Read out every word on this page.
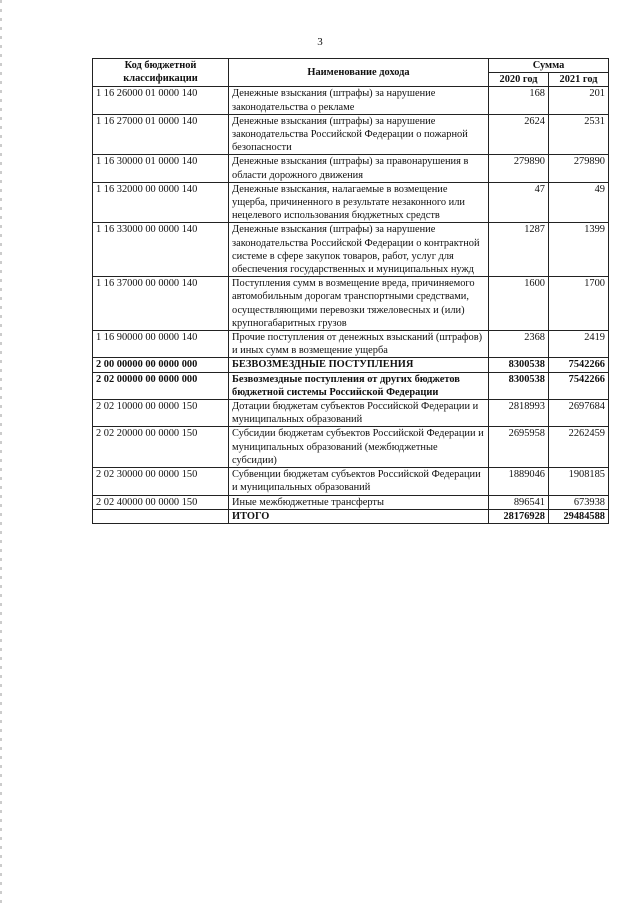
3
Код бюджетной классификации	Наименование дохода	Сумма	
		2020 год	2021 год
1 16 26000 01 0000 140	Денежные взыскания (штрафы) за нарушение законодательства о рекламе	168	201
1 16 27000 01 0000 140	Денежные взыскания (штрафы) за нарушение законодательства Российской Федерации о пожарной безопасности	2624	2531
1 16 30000 01 0000 140	Денежные взыскания (штрафы) за правонарушения в области дорожного движения	279890	279890
1 16 32000 00 0000 140	Денежные взыскания, налагаемые в возмещение ущерба, причиненного в результате незаконного или нецелевого использования бюджетных средств	47	49
1 16 33000 00 0000 140	Денежные взыскания (штрафы) за нарушение законодательства Российской Федерации о контрактной системе в сфере закупок товаров, работ, услуг для обеспечения государственных и муниципальных нужд	1287	1399
1 16 37000 00 0000 140	Поступления сумм в возмещение вреда, причиняемого автомобильным дорогам транспортными средствами, осуществляющими перевозки тяжеловесных и (или) крупногабаритных грузов	1600	1700
1 16 90000 00 0000 140	Прочие поступления от денежных взысканий (штрафов) и иных сумм в возмещение ущерба	2368	2419
2 00 00000 00 0000 000	БЕЗВОЗМЕЗДНЫЕ ПОСТУПЛЕНИЯ	8300538	7542266
2 02 00000 00 0000 000	Безвозмездные поступления от других бюджетов бюджетной системы Российской Федерации	8300538	7542266
2 02 10000 00 0000 150	Дотации бюджетам субъектов Российской Федерации и муниципальных образований	2818993	2697684
2 02 20000 00 0000 150	Субсидии бюджетам субъектов Российской Федерации и муниципальных образований (межбюджетные субсидии)	2695958	2262459
2 02 30000 00 0000 150	Субвенции бюджетам субъектов Российской Федерации и муниципальных образований	1889046	1908185
2 02 40000 00 0000 150	Иные межбюджетные трансферты	896541	673938
	ИТОГО	28176928	29484588
